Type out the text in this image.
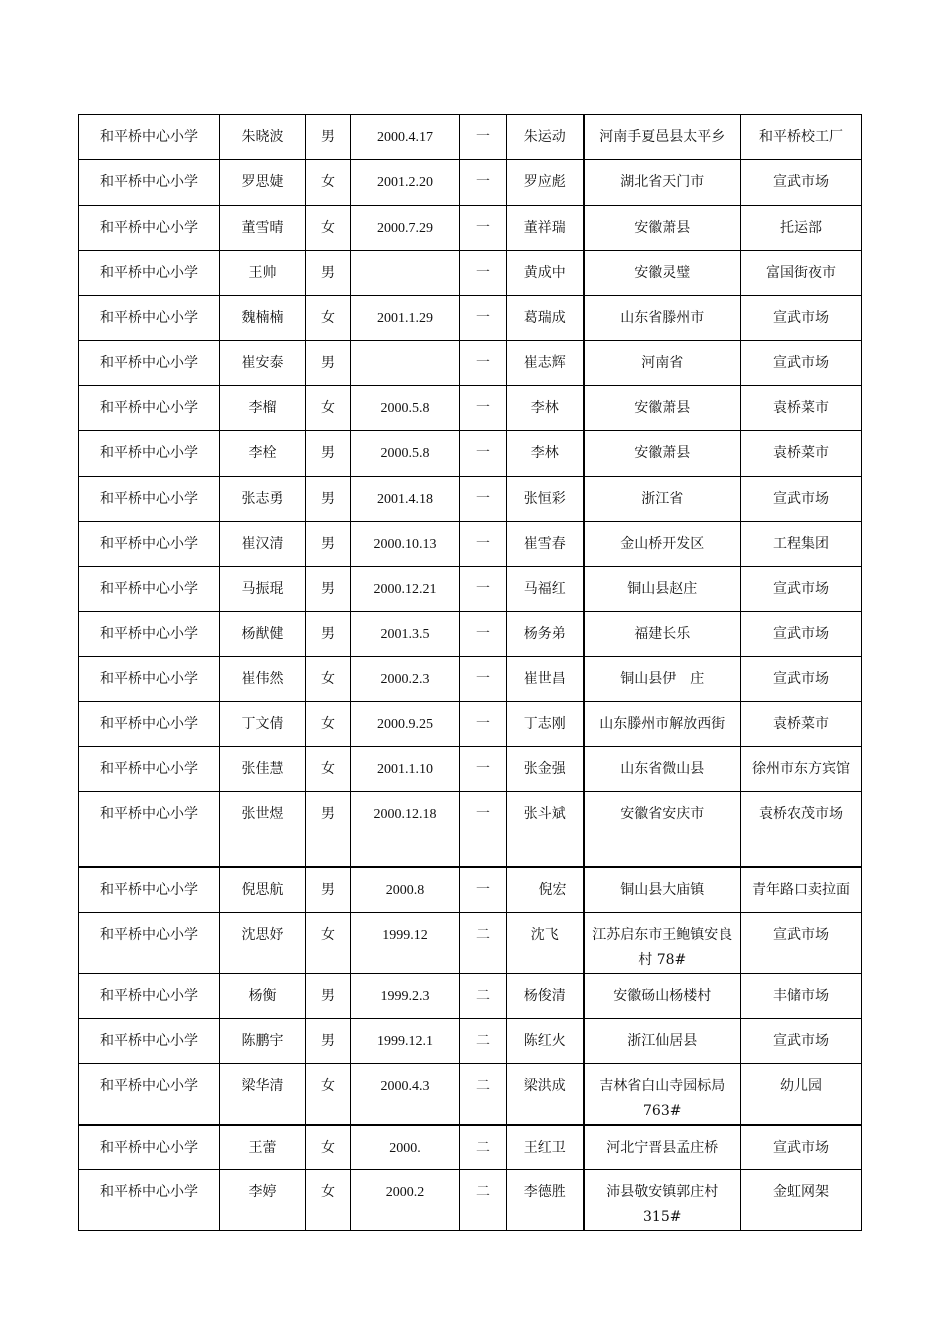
和平桥中心小学	朱晓波	男	2000.4.17	一	朱运动	河南手夏邑县太平乡	和平桥校工厂
和平桥中心小学	罗思婕	女	2001.2.20	一	罗应彪	湖北省天门市	宣武市场
和平桥中心小学	董雪晴	女	2000.7.29	一	董祥瑞	安徽萧县	托运部
和平桥中心小学	王帅	男		一	黄成中	安徽灵璧	富国街夜市
和平桥中心小学	魏楠楠	女	2001.1.29	一	葛瑞成	山东省滕州市	宣武市场
和平桥中心小学	崔安泰	男		一	崔志辉	河南省	宣武市场
和平桥中心小学	李榴	女	2000.5.8	一	李林	安徽萧县	袁桥菜市
和平桥中心小学	李栓	男	2000.5.8	一	李林	安徽萧县	袁桥菜市
和平桥中心小学	张志勇	男	2001.4.18	一	张恒彩	浙江省	宣武市场
和平桥中心小学	崔汉清	男	2000.10.13	一	崔雪春	金山桥开发区	工程集团
和平桥中心小学	马振琨	男	2000.12.21	一	马福红	铜山县赵庄	宣武市场
和平桥中心小学	杨猷健	男	2001.3.5	一	杨务弟	福建长乐	宣武市场
和平桥中心小学	崔伟然	女	2000.2.3	一	崔世昌	铜山县伊　庄	宣武市场
和平桥中心小学	丁文倩	女	2000.9.25	一	丁志刚	山东滕州市解放西街	袁桥菜市
和平桥中心小学	张佳慧	女	2001.1.10	一	张金强	山东省微山县	徐州市东方宾馆
和平桥中心小学	张世煜	男	2000.12.18	一	张斗斌	安徽省安庆市	袁桥农茂市场
和平桥中心小学	倪思航	男	2000.8	一	倪宏	铜山县大庙镇	青年路口卖拉面
和平桥中心小学	沈思妤	女	1999.12	二	沈飞	江苏启东市王鲍镇安良村 78#	宣武市场
和平桥中心小学	杨衡	男	1999.2.3	二	杨俊清	安徽砀山杨楼村	丰储市场
和平桥中心小学	陈鹏宇	男	1999.12.1	二	陈红火	浙江仙居县	宣武市场
和平桥中心小学	梁华清	女	2000.4.3	二	梁洪成	吉林省白山寺园标局 763#	幼儿园
和平桥中心小学	王蕾	女	2000.	二	王红卫	河北宁晋县孟庄桥	宣武市场
和平桥中心小学	李婷	女	2000.2	二	李德胜	沛县敬安镇郭庄村 315#	金虹网架
